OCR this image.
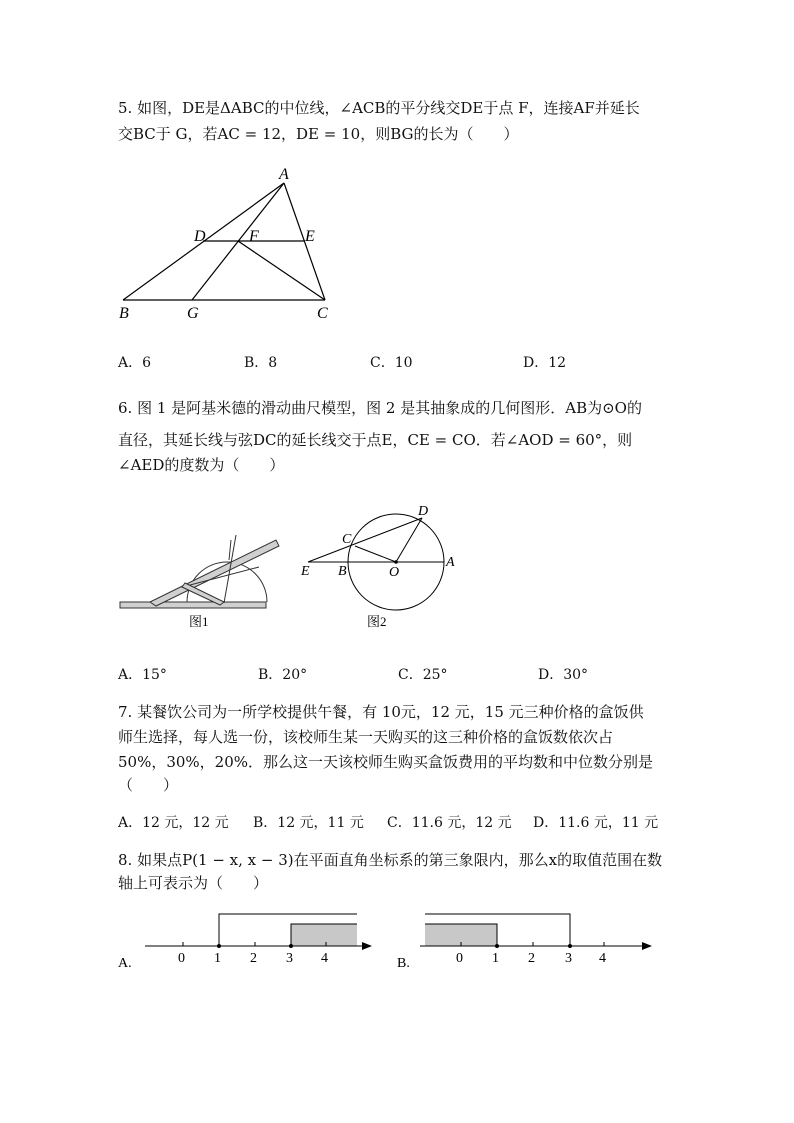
5. 如图，DE是ΔABC的中位线，∠ACB的平分线交DE于点 F，连接AF并延长
交BC于 G，若AC = 12，DE = 10，则BG的长为（　　）
A
D	F	E
B	G	C
A．6	B．8	C．10	D．12
6. 图 1 是阿基米德的滑动曲尺模型，图 2 是其抽象成的几何图形．AB为⊙O的
直径，其延长线与弦DC的延长线交于点E，CE = CO．若∠AOD = 60°，则
∠AED的度数为（　　）
图1
D
C
E B	O
A
图2
A．15°	B．20°	C．25°	D．30°
7. 某餐饮公司为一所学校提供午餐，有 10元，12 元，15 元三种价格的盒饭供
师生选择，每人选一份，该校师生某一天购买的这三种价格的盒饭数依次占
50%，30%，20%．那么这一天该校师生购买盒饭费用的平均数和中位数分别是
（　　）
A．12 元，12 元 B．12 元，11 元 C．11.6 元，12 元 D．11.6 元，11 元
8. 如果点P(1 − x, x − 3)在平面直角坐标系的第三象限内，那么x的取值范围在数
轴上可表示为（　　）
A.	0 1 2 3 4	B.	0 1 2 3 4
